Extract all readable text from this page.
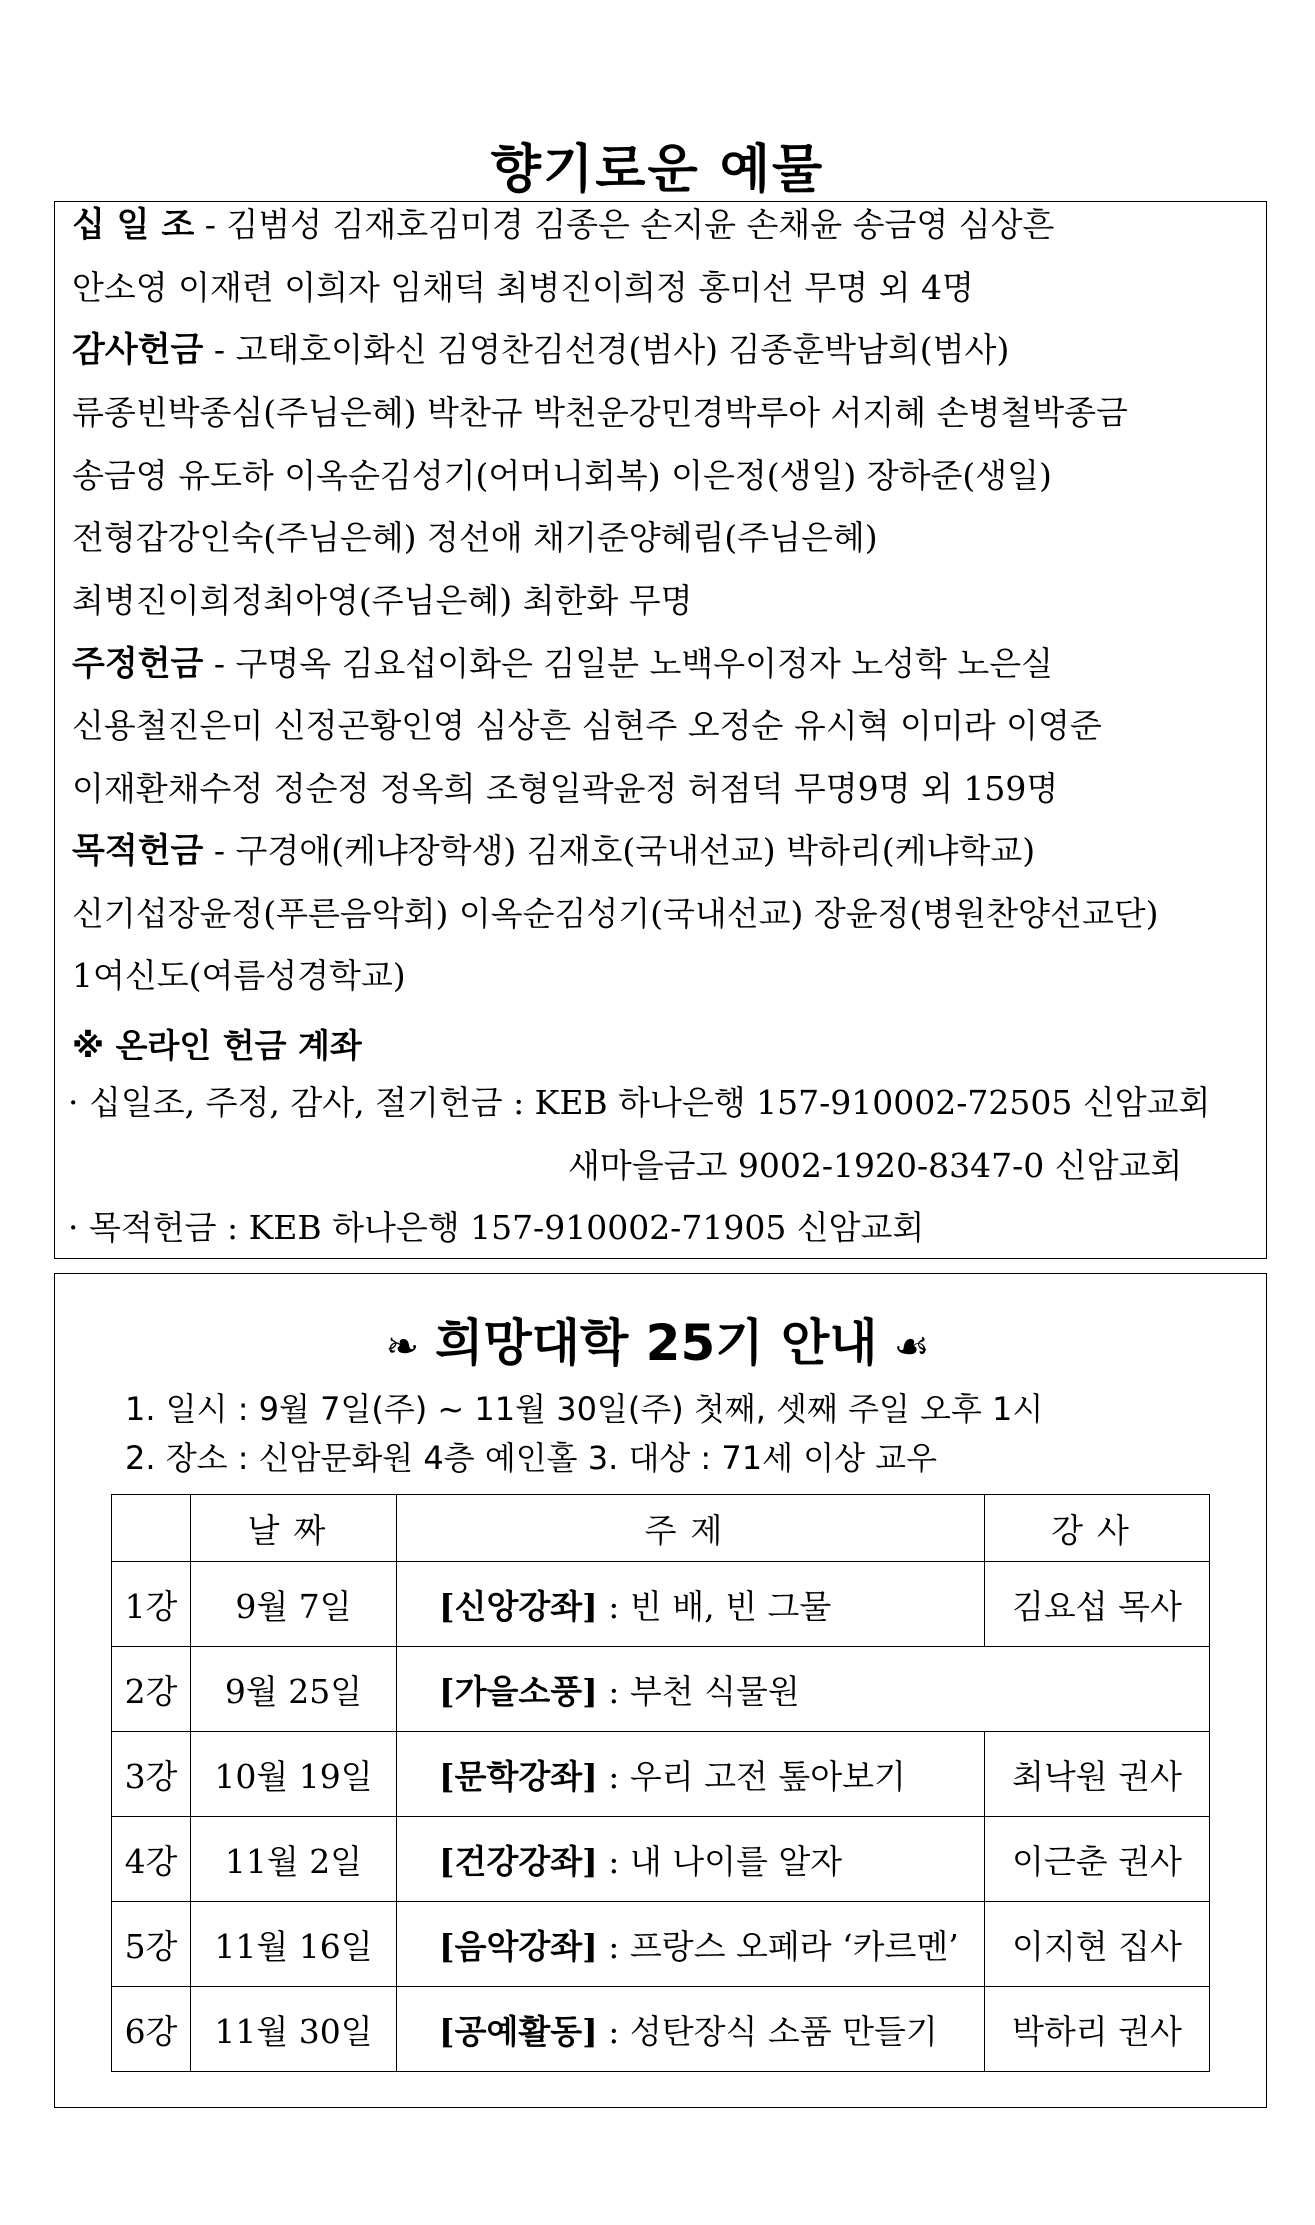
향기로운 예물
십 일 조 - 김범성 김재호김미경 김종은 손지윤 손채윤 송금영 심상흔
안소영 이재련 이희자 임채덕 최병진이희정 홍미선 무명 외 4명
감사헌금 - 고태호이화신 김영찬김선경(범사) 김종훈박남희(범사)
류종빈박종심(주님은혜) 박찬규 박천운강민경박루아 서지혜 손병철박종금
송금영 유도하 이옥순김성기(어머니회복) 이은정(생일) 장하준(생일)
전형갑강인숙(주님은혜) 정선애 채기준양혜림(주님은혜)
최병진이희정최아영(주님은혜) 최한화 무명
주정헌금 - 구명옥 김요섭이화은 김일분 노백우이정자 노성학 노은실
신용철진은미 신정곤황인영 심상흔 심현주 오정순 유시혁 이미라 이영준
이재환채수정 정순정 정옥희 조형일곽윤정 허점덕 무명9명 외 159명
목적헌금 - 구경애(케냐장학생) 김재호(국내선교) 박하리(케냐학교)
신기섭장윤정(푸른음악회) 이옥순김성기(국내선교) 장윤정(병원찬양선교단)
1여신도(여름성경학교)
※ 온라인 헌금 계좌
· 십일조, 주정, 감사, 절기헌금 : KEB 하나은행 157-910002-72505 신암교회
새마을금고 9002-1920-8347-0 신암교회
· 목적헌금 : KEB 하나은행 157-910002-71905 신암교회
❧ 희망대학 25기 안내 ☙
1. 일시 : 9월 7일(주) ~ 11월 30일(주) 첫째, 셋째 주일 오후 1시
2. 장소 : 신암문화원 4층 예인홀 3. 대상 : 71세 이상 교우
	날짜	주제	강사
1강	9월 7일	[신앙강좌] : 빈 배, 빈 그물	김요섭 목사
2강	9월 25일	[가을소풍] : 부천 식물원	
3강	10월 19일	[문학강좌] : 우리 고전 톺아보기	최낙원 권사
4강	11월 2일	[건강강좌] : 내 나이를 알자	이근춘 권사
5강	11월 16일	[음악강좌] : 프랑스 오페라 ‘카르멘’	이지현 집사
6강	11월 30일	[공예활동] : 성탄장식 소품 만들기	박하리 권사
